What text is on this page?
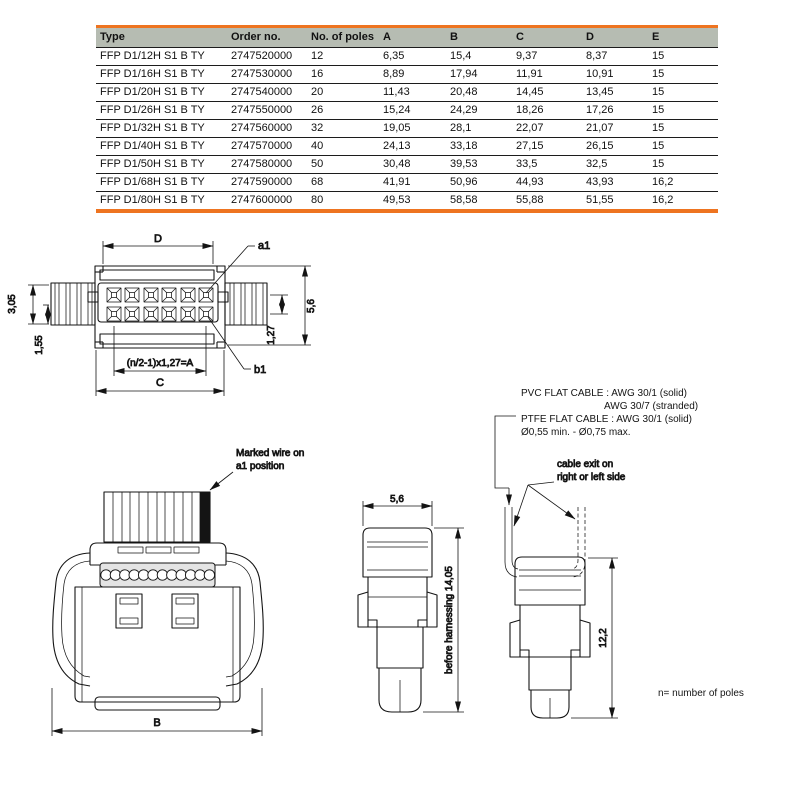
Type	Order no.	No. of poles	A	B	C	D	E
FFP D1/12H S1 B TY	2747520000	12	6,35	15,4	9,37	8,37	15
FFP D1/16H S1 B TY	2747530000	16	8,89	17,94	11,91	10,91	15
FFP D1/20H S1 B TY	2747540000	20	11,43	20,48	14,45	13,45	15
FFP D1/26H S1 B TY	2747550000	26	15,24	24,29	18,26	17,26	15
FFP D1/32H S1 B TY	2747560000	32	19,05	28,1	22,07	21,07	15
FFP D1/40H S1 B TY	2747570000	40	24,13	33,18	27,15	26,15	15
FFP D1/50H S1 B TY	2747580000	50	30,48	39,53	33,5	32,5	15
FFP D1/68H S1 B TY	2747590000	68	41,91	50,96	44,93	43,93	16,2
FFP D1/80H S1 B TY	2747600000	80	49,53	58,58	55,88	51,55	16,2
D
a1
b1
3,05
1,55
5,6
1,27
(n/2-1)x1,27=A
C
Marked wire on
a1 position
B
PVC FLAT CABLE : AWG 30/1 (solid)
AWG 30/7 (stranded)
PTFE FLAT CABLE : AWG 30/1 (solid)
Ø0,55 min. - Ø0,75 max.
5,6
before harnessing 14,05
cable exit on
right or left side
12,2
n= number of poles
